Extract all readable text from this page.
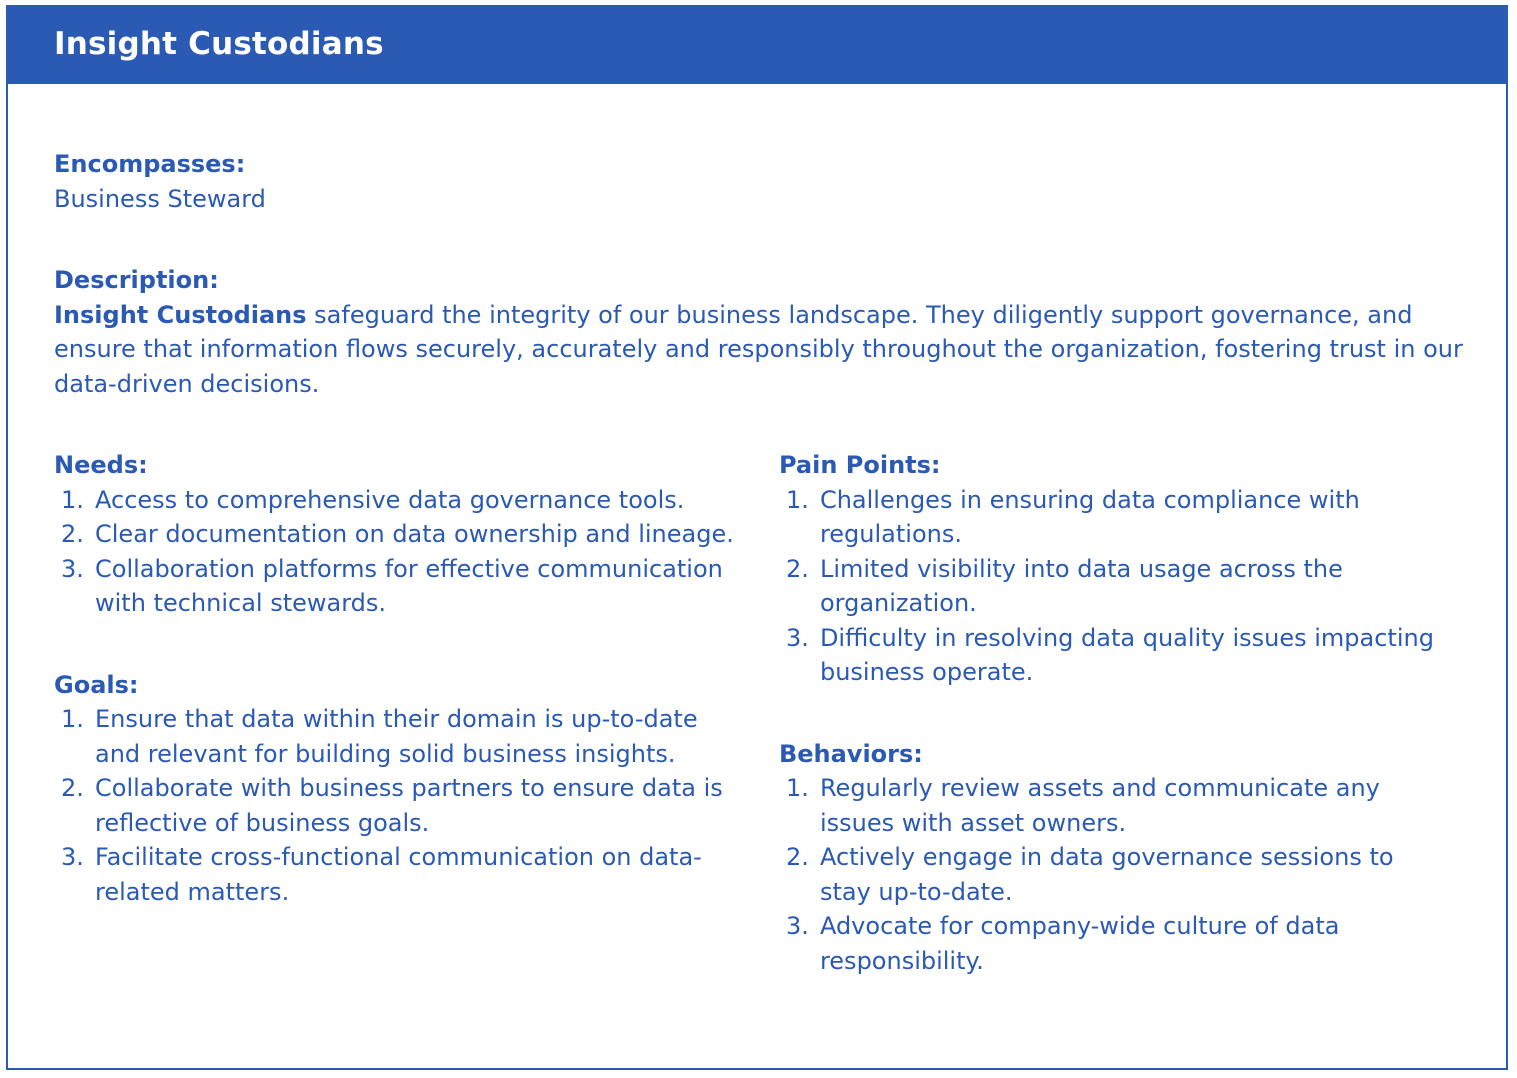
Insight Custodians

Encompasses:

Business Steward

Description:

Insight Custodians safeguard the integrity of our business landscape. They diligently support governance, and ensure that information flows securely, accurately and responsibly throughout the organization, fostering trust in our data-driven decisions.

Needs:

1. Access to comprehensive data governance tools.
2. Clear documentation on data ownership and lineage.
3. Collaboration platforms for effective communication with technical stewards.

Goals:

1. Ensure that data within their domain is up-to-date and relevant for building solid business insights.
2. Collaborate with business partners to ensure data is reflective of business goals.
3. Facilitate cross-functional communication on data-related matters.

Pain Points:

1. Challenges in ensuring data compliance with regulations.
2. Limited visibility into data usage across the organization.
3. Difficulty in resolving data quality issues impacting business operate.

Behaviors:

1. Regularly review assets and communicate any issues with asset owners.
2. Actively engage in data governance sessions to stay up-to-date.
3. Advocate for company-wide culture of data responsibility.
